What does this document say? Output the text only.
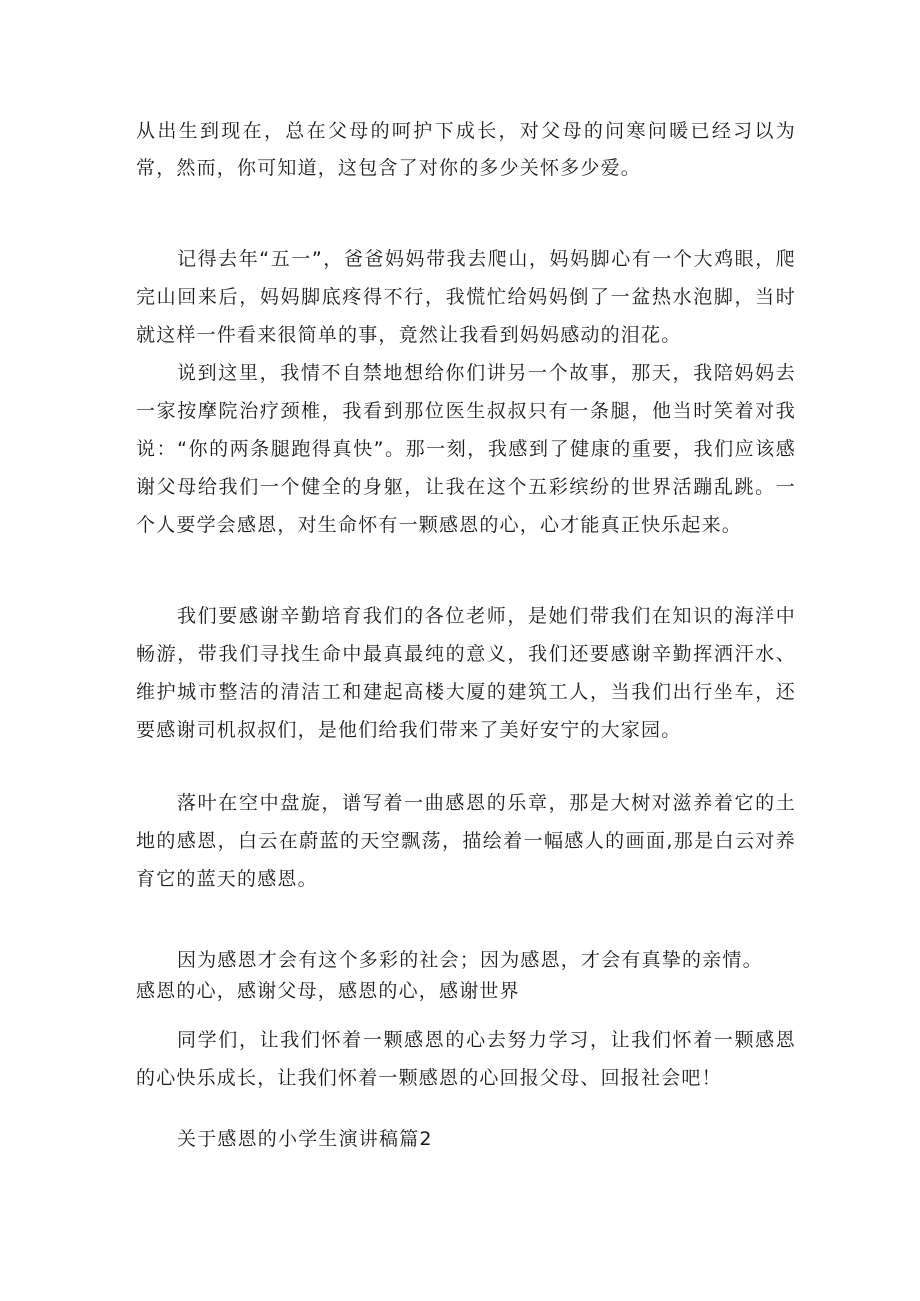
从出生到现在，总在父母的呵护下成长，对父母的问寒问暖已经习以为常，然而，你可知道，这包含了对你的多少关怀多少爱。

记得去年“五一”，爸爸妈妈带我去爬山，妈妈脚心有一个大鸡眼，爬完山回来后，妈妈脚底疼得不行，我慌忙给妈妈倒了一盆热水泡脚，当时就这样一件看来很简单的事，竟然让我看到妈妈感动的泪花。

说到这里，我情不自禁地想给你们讲另一个故事，那天，我陪妈妈去一家按摩院治疗颈椎，我看到那位医生叔叔只有一条腿，他当时笑着对我说：“你的两条腿跑得真快”。那一刻，我感到了健康的重要，我们应该感谢父母给我们一个健全的身躯，让我在这个五彩缤纷的世界活蹦乱跳。一个人要学会感恩，对生命怀有一颗感恩的心，心才能真正快乐起来。

我们要感谢辛勤培育我们的各位老师，是她们带我们在知识的海洋中畅游，带我们寻找生命中最真最纯的意义，我们还要感谢辛勤挥洒汗水、维护城市整洁的清洁工和建起高楼大厦的建筑工人，当我们出行坐车，还要感谢司机叔叔们，是他们给我们带来了美好安宁的大家园。

落叶在空中盘旋，谱写着一曲感恩的乐章，那是大树对滋养着它的土地的感恩，白云在蔚蓝的天空飘荡，描绘着一幅感人的画面,那是白云对养育它的蓝天的感恩。

因为感恩才会有这个多彩的社会；因为感恩，才会有真挚的亲情。

感恩的心，感谢父母，感恩的心，感谢世界

同学们，让我们怀着一颗感恩的心去努力学习，让我们怀着一颗感恩的心快乐成长，让我们怀着一颗感恩的心回报父母、回报社会吧！

关于感恩的小学生演讲稿篇2
